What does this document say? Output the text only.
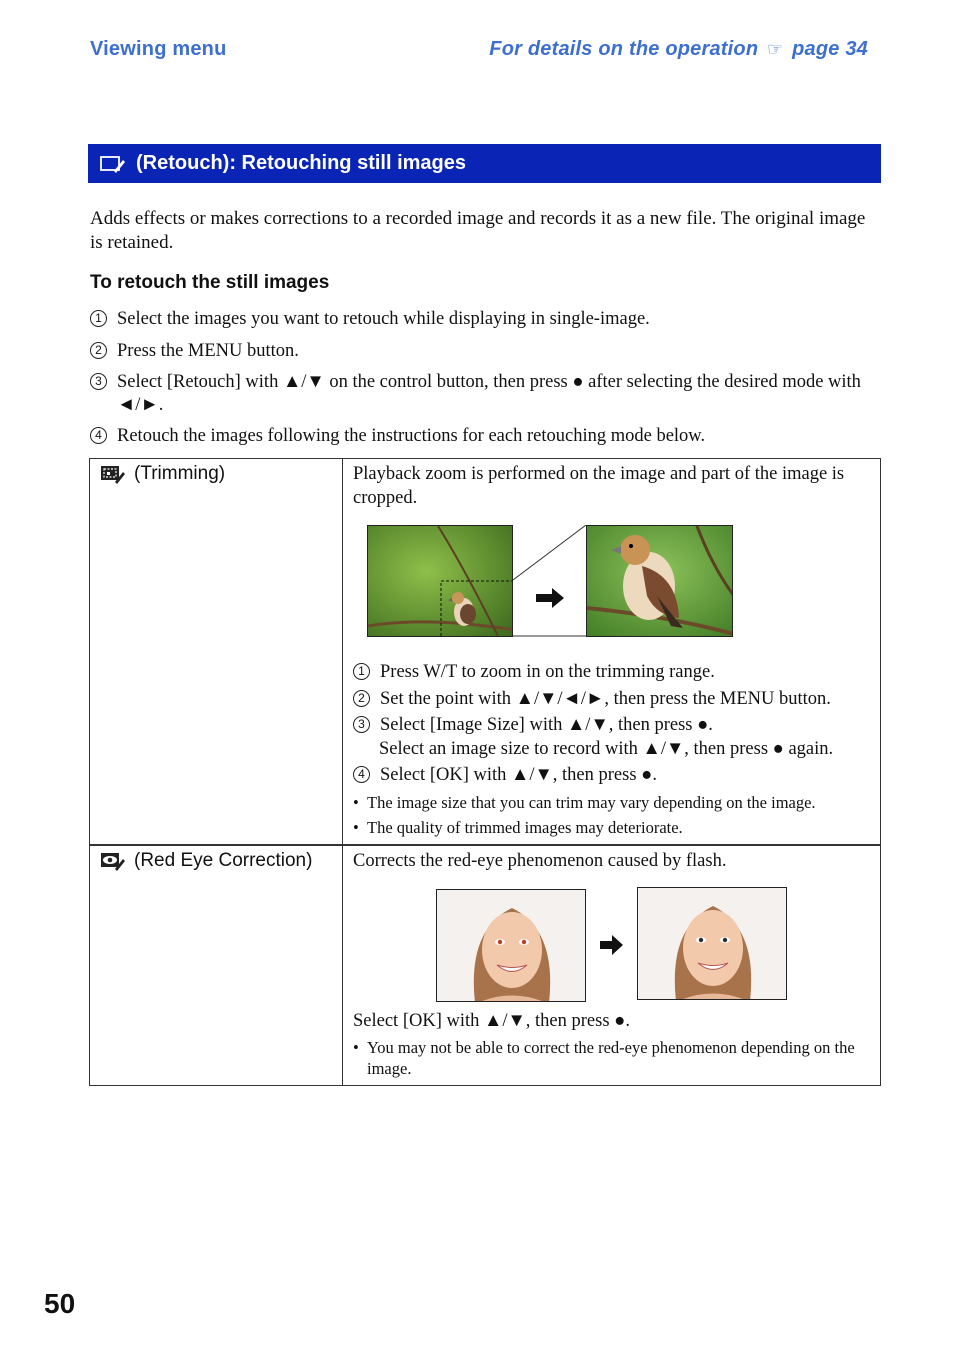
Viewing menu	For details on the operation ☞ page 34
(Retouch): Retouching still images
Adds effects or makes corrections to a recorded image and records it as a new file. The original image is retained.
To retouch the still images
1 Select the images you want to retouch while displaying in single-image.
2 Press the MENU button.
3 Select [Retouch] with ▲/▼ on the control button, then press ● after selecting the desired mode with ◄/►.
4 Retouch the images following the instructions for each retouching mode below.
(Trimming)	Playback zoom is performed on the image and part of the image is cropped.
1 Press W/T to zoom in on the trimming range.
2 Set the point with ▲/▼/◄/►, then press the MENU button.
3 Select [Image Size] with ▲/▼, then press ●.
Select an image size to record with ▲/▼, then press ● again.
4 Select [OK] with ▲/▼, then press ●.
• The image size that you can trim may vary depending on the image.
• The quality of trimmed images may deteriorate.
(Red Eye Correction) Corrects the red-eye phenomenon caused by flash.
Select [OK] with ▲/▼, then press ●.
• You may not be able to correct the red-eye phenomenon depending on the image.
50
